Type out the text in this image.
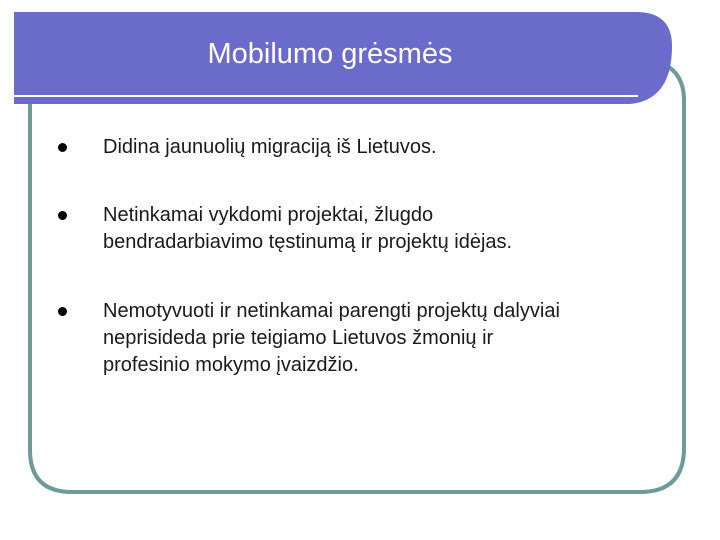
Mobilumo grėsmės
Didina jaunuolių migraciją iš Lietuvos.
Netinkamai vykdomi projektai, žlugdo
bendradarbiavimo tęstinumą ir projektų idėjas.
Nemotyvuoti ir netinkamai parengti projektų dalyviai
neprisideda prie teigiamo Lietuvos žmonių ir
profesinio mokymo įvaizdžio.
